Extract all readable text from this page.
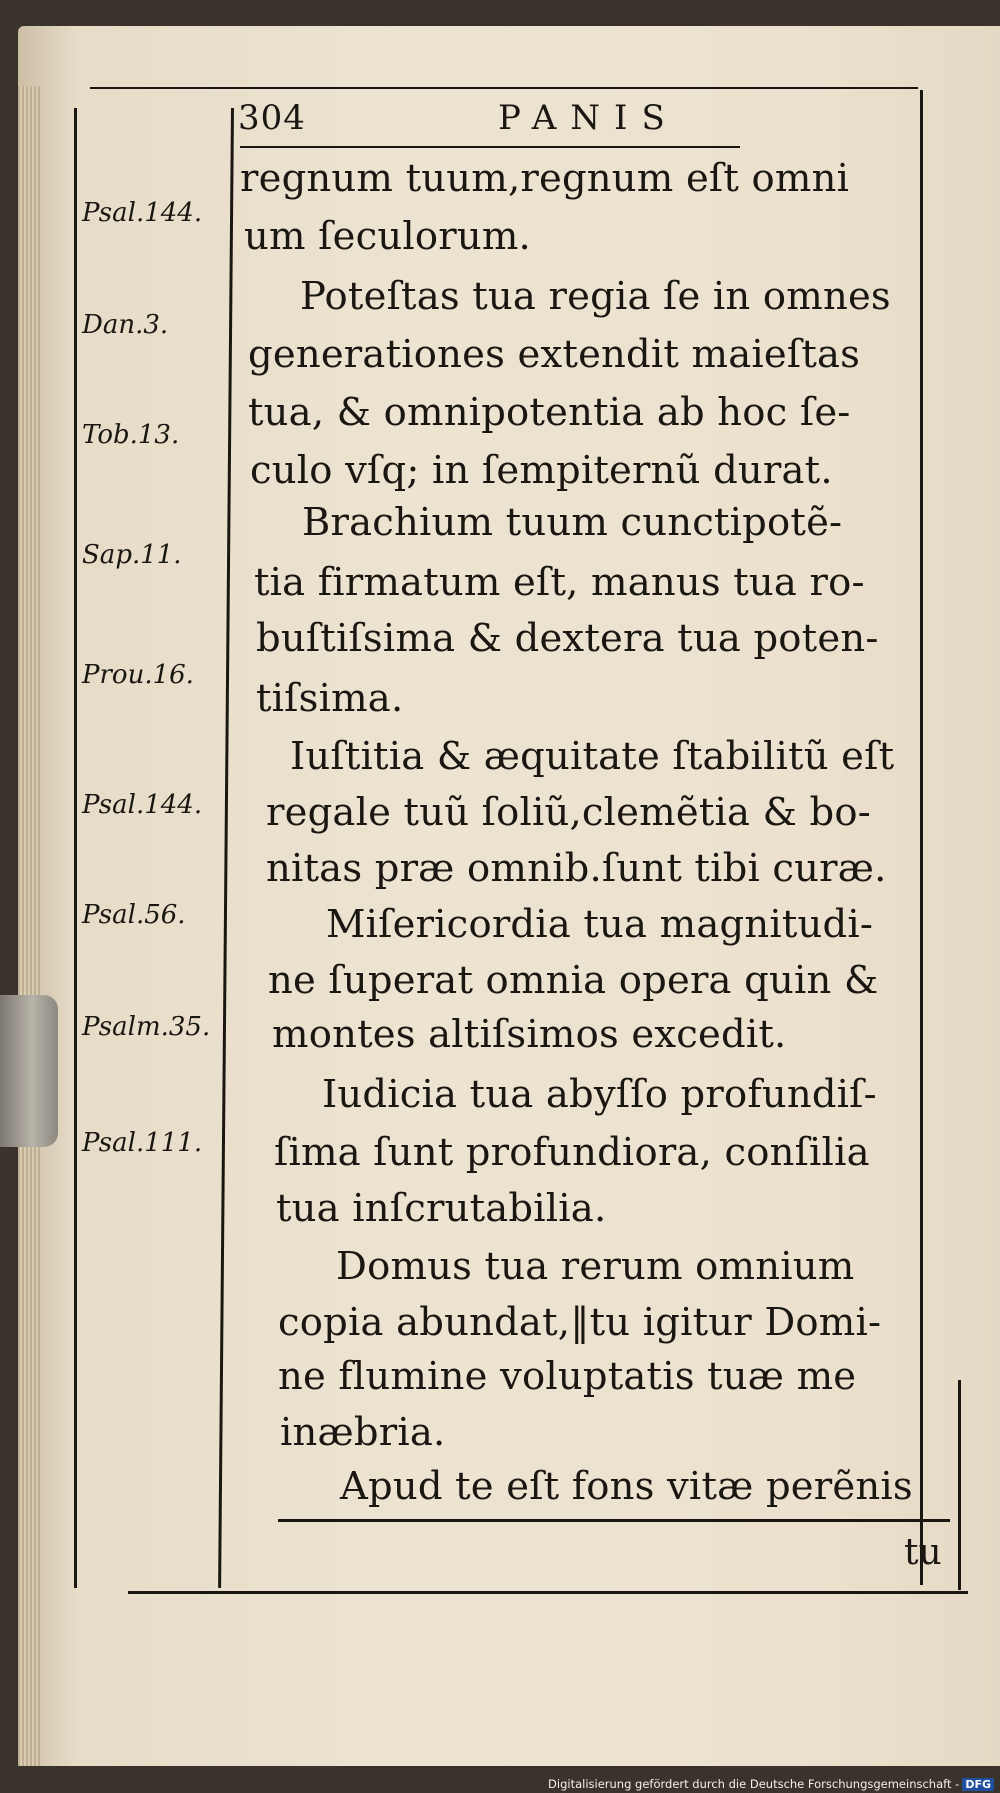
304	PANIS
Psal.144.
Dan.3.
Tob.13.
Sap.11.
Prou.16.
Psal.144.
Psal.56.
Psalm.35.
Psal.111.
regnum tuum,regnum eſt omni
um ſeculorum.
Poteſtas tua regia ſe in omnes
generationes extendit maieſtas
tua, & omnipotentia ab hoc ſe-
culo vſq; in ſempiternũ durat.
Brachium tuum cunctipotẽ-
tia firmatum eſt, manus tua ro-
buſtiſsima & dextera tua poten-
tiſsima.
Iuſtitia & æquitate ſtabilitũ eſt
regale tuũ ſoliũ,clemẽtia & bo-
nitas præ omnib.ſunt tibi curæ.
Miſericordia tua magnitudi-
ne ſuperat omnia opera quin &
montes altiſsimos excedit.
Iudicia tua abyſſo profundiſ-
ſima ſunt profundiora, conſilia
tua inſcrutabilia.
Domus tua rerum omnium
copia abundat,‖tu igitur Domi-
ne flumine voluptatis tuæ me
inæbria.
Apud te eſt fons vitæ perẽnis
tu
Digitalisierung gefördert durch die Deutsche Forschungsgemeinschaft - DFG
